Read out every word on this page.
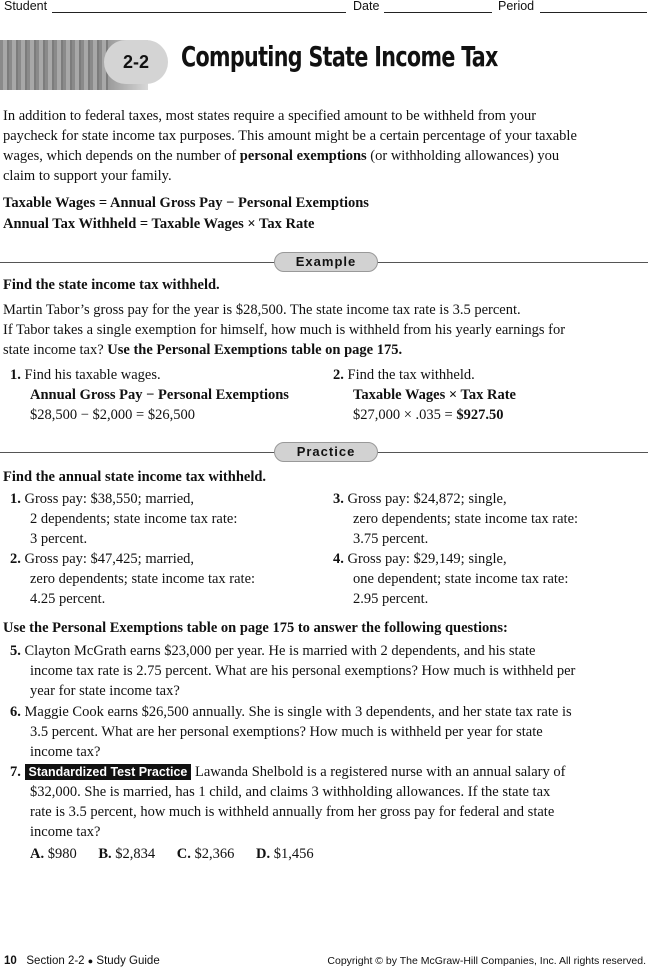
Student	Date	Period
2-2	Computing State Income Tax
In addition to federal taxes, most states require a specified amount to be withheld from your
paycheck for state income tax purposes. This amount might be a certain percentage of your taxable
wages, which depends on the number of personal exemptions (or withholding allowances) you
claim to support your family.
Taxable Wages = Annual Gross Pay − Personal Exemptions
Annual Tax Withheld = Taxable Wages × Tax Rate
Example
Find the state income tax withheld.
Martin Tabor’s gross pay for the year is $28,500. The state income tax rate is 3.5 percent.
If Tabor takes a single exemption for himself, how much is withheld from his yearly earnings for
state income tax? Use the Personal Exemptions table on page 175.
1. Find his taxable wages.
Annual Gross Pay − Personal Exemptions
$28,500 − $2,000 = $26,500
2. Find the tax withheld.
Taxable Wages × Tax Rate
$27,000 × .035 = $927.50
Practice
Find the annual state income tax withheld.
1. Gross pay: $38,550; married,
2 dependents; state income tax rate:
3 percent.
2. Gross pay: $47,425; married,
zero dependents; state income tax rate:
4.25 percent.
3. Gross pay: $24,872; single,
zero dependents; state income tax rate:
3.75 percent.
4. Gross pay: $29,149; single,
one dependent; state income tax rate:
2.95 percent.
Use the Personal Exemptions table on page 175 to answer the following questions:
5. Clayton McGrath earns $23,000 per year. He is married with 2 dependents, and his state
income tax rate is 2.75 percent. What are his personal exemptions? How much is withheld per
year for state income tax?
6. Maggie Cook earns $26,500 annually. She is single with 3 dependents, and her state tax rate is
3.5 percent. What are her personal exemptions? How much is withheld per year for state
income tax?
7. Standardized Test Practice Lawanda Shelbold is a registered nurse with an annual salary of
$32,000. She is married, has 1 child, and claims 3 withholding allowances. If the state tax
rate is 3.5 percent, how much is withheld annually from her gross pay for federal and state
income tax?
A. $980 B. $2,834 C. $2,366 D. $1,456
10 Section 2-2 ● Study Guide	Copyright © by The McGraw-Hill Companies, Inc. All rights reserved.
